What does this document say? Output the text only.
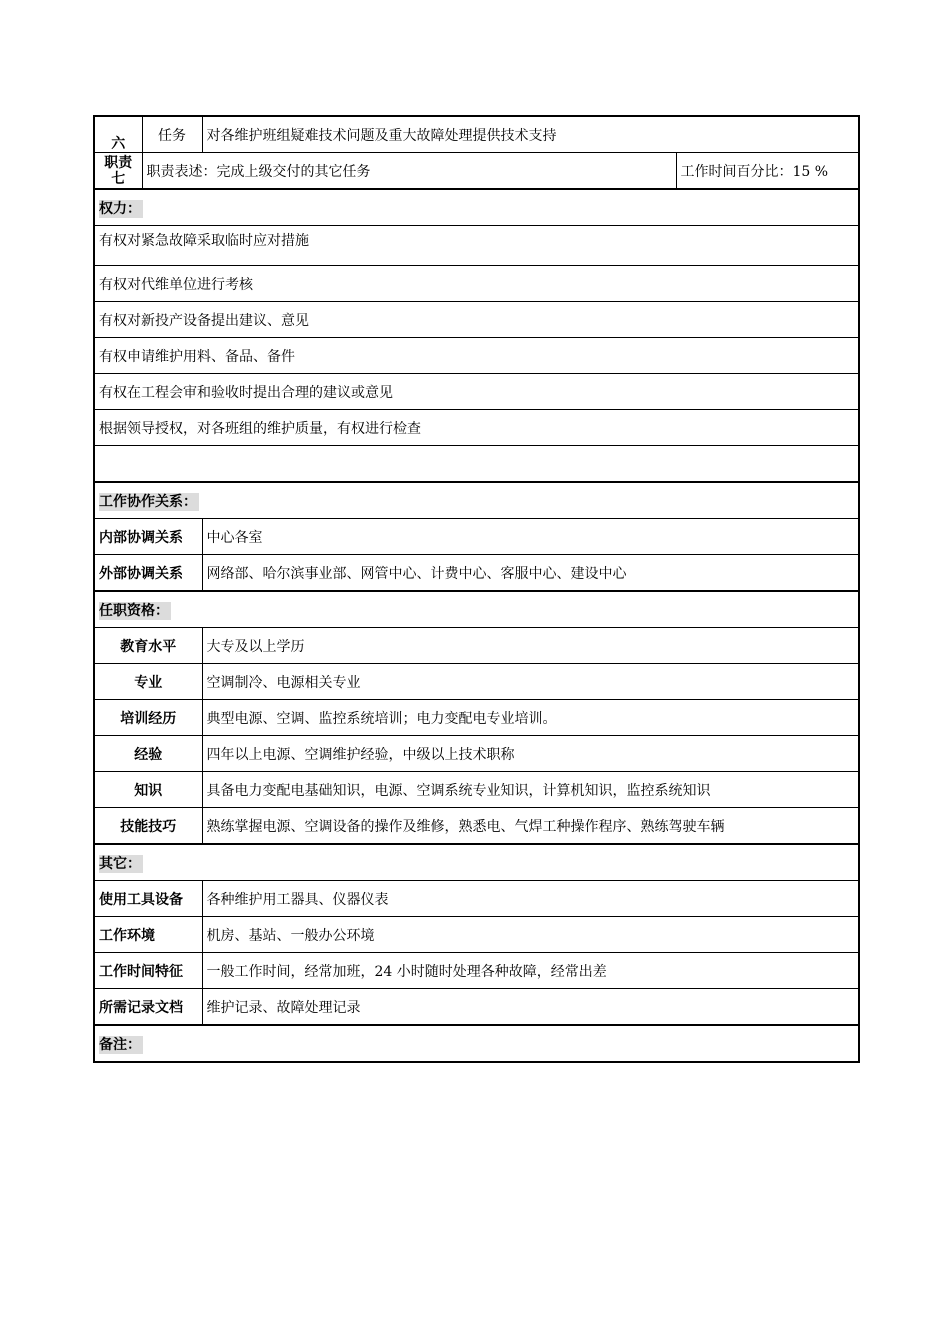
六	任务	对各维护班组疑难技术问题及重大故障处理提供技术支持	

职责
七	职责表述：完成上级交付的其它任务		工作时间百分比：15 %
权力：			
有权对紧急故障采取临时应对措施			
有权对代维单位进行考核			
有权对新投产设备提出建议、意见			
有权申请维护用料、备品、备件			
有权在工程会审和验收时提出合理的建议或意见			
根据领导授权，对各班组的维护质量，有权进行检查			

工作协作关系：			
内部协调关系		中心各室	
外部协调关系		网络部、哈尔滨事业部、网管中心、计费中心、客服中心、建设中心	
任职资格：			
教育水平		大专及以上学历	
专业		空调制冷、电源相关专业	
培训经历		典型电源、空调、监控系统培训；电力变配电专业培训。	
经验		四年以上电源、空调维护经验，中级以上技术职称	
知识		具备电力变配电基础知识，电源、空调系统专业知识，计算机知识，监控系统知识	
技能技巧		熟练掌握电源、空调设备的操作及维修，熟悉电、气焊工种操作程序、熟练驾驶车辆	
其它：			
使用工具设备		各种维护用工器具、仪器仪表	
工作环境		机房、基站、一般办公环境	
工作时间特征		一般工作时间，经常加班，24 小时随时处理各种故障，经常出差	
所需记录文档		维护记录、故障处理记录	
备注：			
